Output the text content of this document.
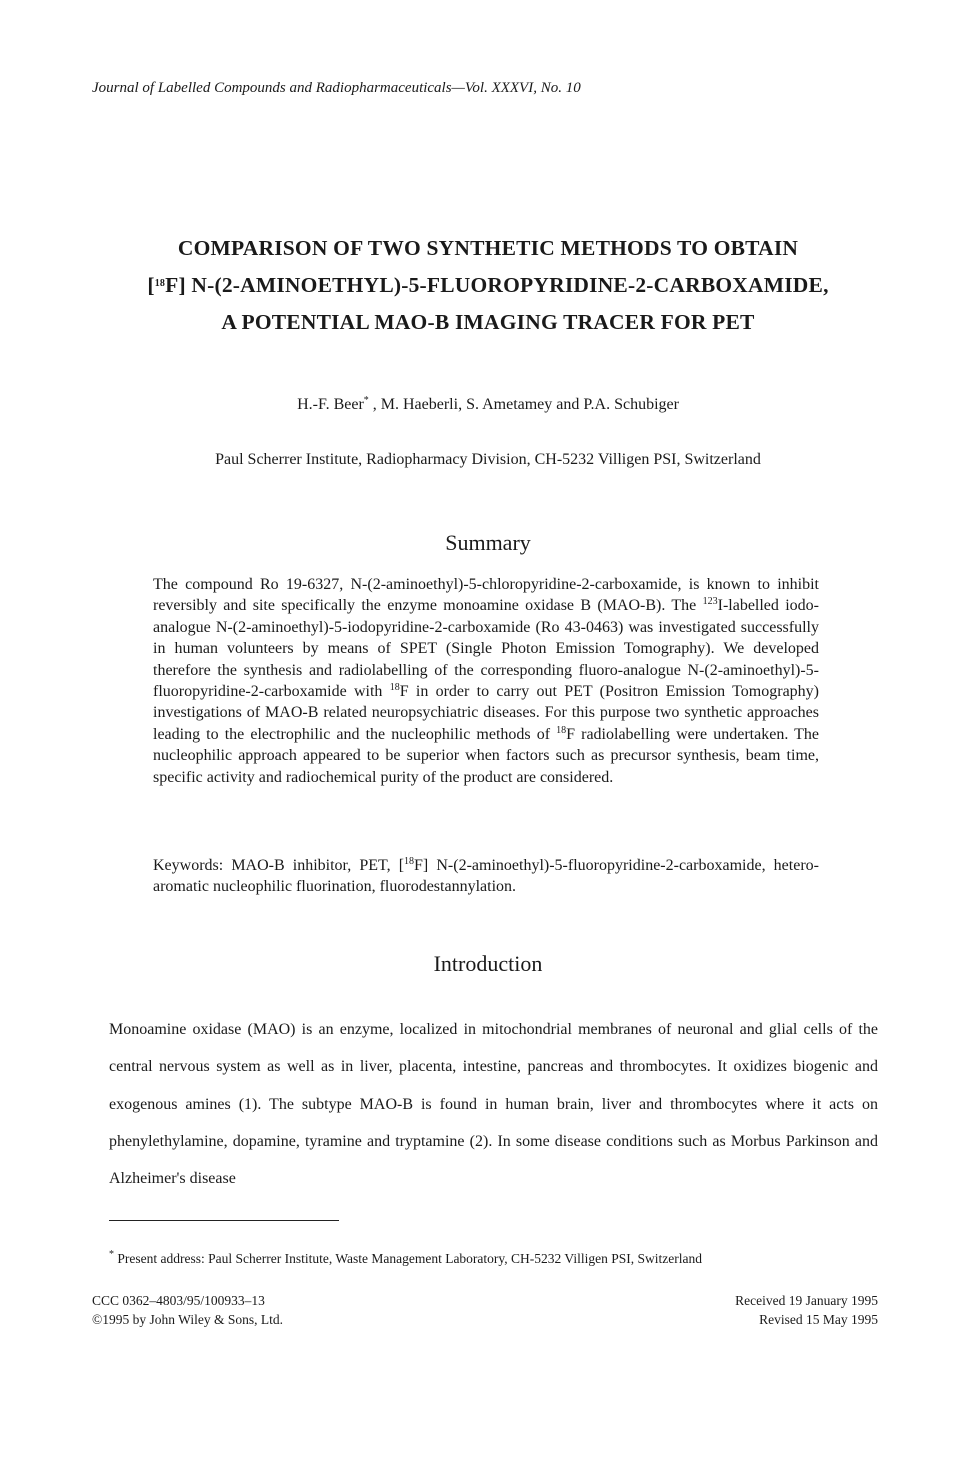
Journal of Labelled Compounds and Radiopharmaceuticals—Vol. XXXVI, No. 10
COMPARISON OF TWO SYNTHETIC METHODS TO OBTAIN
[$^{18}$F] N-(2-AMINOETHYL)-5-FLUOROPYRIDINE-2-CARBOXAMIDE,
A POTENTIAL MAO-B IMAGING TRACER FOR PET
H.-F. Beer* , M. Haeberli, S. Ametamey and P.A. Schubiger
Paul Scherrer Institute, Radiopharmacy Division, CH-5232 Villigen PSI, Switzerland
Summary
The compound Ro 19-6327, N-(2-aminoethyl)-5-chloropyridine-2-carboxamide, is known to inhibit reversibly and site specifically the enzyme monoamine oxidase B (MAO-B). The $^{123}$I-labelled iodo-analogue N-(2-aminoethyl)-5-iodopyridine-2-carboxamide (Ro 43-0463) was investigated successfully in human volunteers by means of SPET (Single Photon Emission Tomography). We developed therefore the synthesis and radiolabelling of the corresponding fluoro-analogue N-(2-aminoethyl)-5-fluoropyridine-2-carboxamide with $^{18}$F in order to carry out PET (Positron Emission Tomography) investigations of MAO-B related neuropsychiatric diseases. For this purpose two synthetic approaches leading to the electrophilic and the nucleophilic methods of $^{18}$F radiolabelling were undertaken. The nucleophilic approach appeared to be superior when factors such as precursor synthesis, beam time, specific activity and radiochemical purity of the product are considered.
Keywords: MAO-B inhibitor, PET, [$^{18}$F] N-(2-aminoethyl)-5-fluoropyridine-2-carboxamide, hetero-aromatic nucleophilic fluorination, fluorodestannylation.
Introduction
Monoamine oxidase (MAO) is an enzyme, localized in mitochondrial membranes of neuronal and glial cells of the central nervous system as well as in liver, placenta, intestine, pancreas and thrombocytes. It oxidizes biogenic and exogenous amines (1). The subtype MAO-B is found in human brain, liver and thrombocytes where it acts on phenylethylamine, dopamine, tyramine and tryptamine (2). In some disease conditions such as Morbus Parkinson and Alzheimer's disease
* Present address: Paul Scherrer Institute, Waste Management Laboratory, CH-5232 Villigen PSI, Switzerland
CCC 0362–4803/95/100933–13
©1995 by John Wiley & Sons, Ltd.
Received 19 January 1995
Revised 15 May 1995
